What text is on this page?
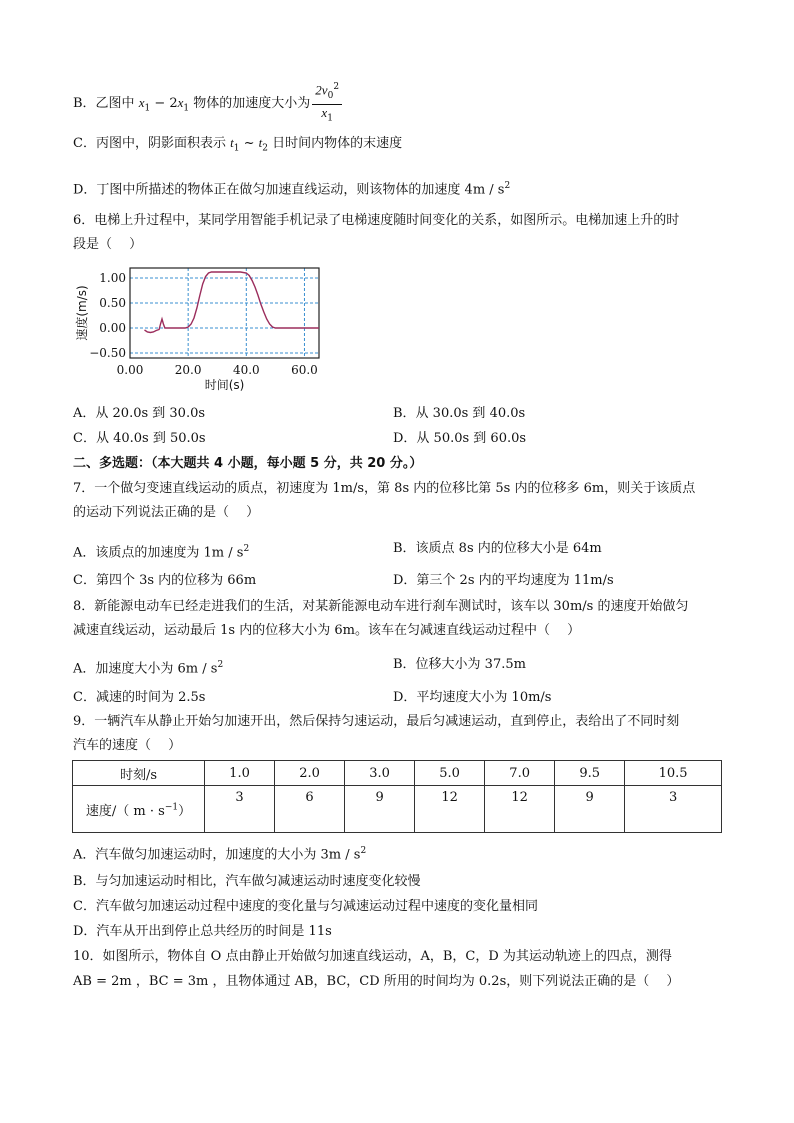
B．乙图中 $x_1 - 2x_1$ 物体的加速度大小为 $\frac{2v_0^2}{x_1}$
C．丙图中，阴影面积表示 $t_1$ ~ $t_2$ 日时间内物体的末速度
D．丁图中所描述的物体正在做匀加速直线运动，则该物体的加速度 $4m / s^2$
6．电梯上升过程中，某同学用智能手机记录了电梯速度随时间变化的关系，如图所示。电梯加速上升的时
段是（　 ）
1.00
0.50
0.00
−0.50
0.00	20.0	40.0	60.0
时间(s)
速度(m/s)
A．从 20.0s 到 30.0s	B．从 30.0s 到 40.0s
C．从 40.0s 到 50.0s	D．从 50.0s 到 60.0s
二、多选题：（本大题共 4 小题，每小题 5 分，共 20 分。）
7．一个做匀变速直线运动的质点，初速度为 1m/s，第 8s 内的位移比第 5s 内的位移多 6m，则关于该质点
的运动下列说法正确的是（　 ）
A．该质点的加速度为 $1m / s^2$	B．该质点 8s 内的位移大小是 64m
C．第四个 3s 内的位移为 66m	D．第三个 2s 内的平均速度为 11m/s
8．新能源电动车已经走进我们的生活，对某新能源电动车进行刹车测试时，该车以 30m/s 的速度开始做匀
减速直线运动，运动最后 1s 内的位移大小为 6m。该车在匀减速直线运动过程中（　 ）
A．加速度大小为 $6m / s^2$	B．位移大小为 37.5m
C．减速的时间为 2.5s	D．平均速度大小为 10m/s
9．一辆汽车从静止开始匀加速开出，然后保持匀速运动，最后匀减速运动，直到停止，表给出了不同时刻
汽车的速度（　 ）
时刻/s	1.0	2.0	3.0	5.0	7.0	9.5	10.5
速度/（ $m \cdot s^{-1}$）	3	6	9	12	12	9	3
A．汽车做匀加速运动时，加速度的大小为 $3m / s^2$
B．与匀加速运动时相比，汽车做匀减速运动时速度变化较慢
C．汽车做匀加速运动过程中速度的变化量与匀减速运动过程中速度的变化量相同
D．汽车从开出到停止总共经历的时间是 11s
10．如图所示，物体自 O 点由静止开始做匀加速直线运动，A，B，C，D 为其运动轨迹上的四点，测得
AB = 2m ，BC = 3m ，且物体通过 AB，BC，CD 所用的时间均为 0.2s，则下列说法正确的是（　 ）
